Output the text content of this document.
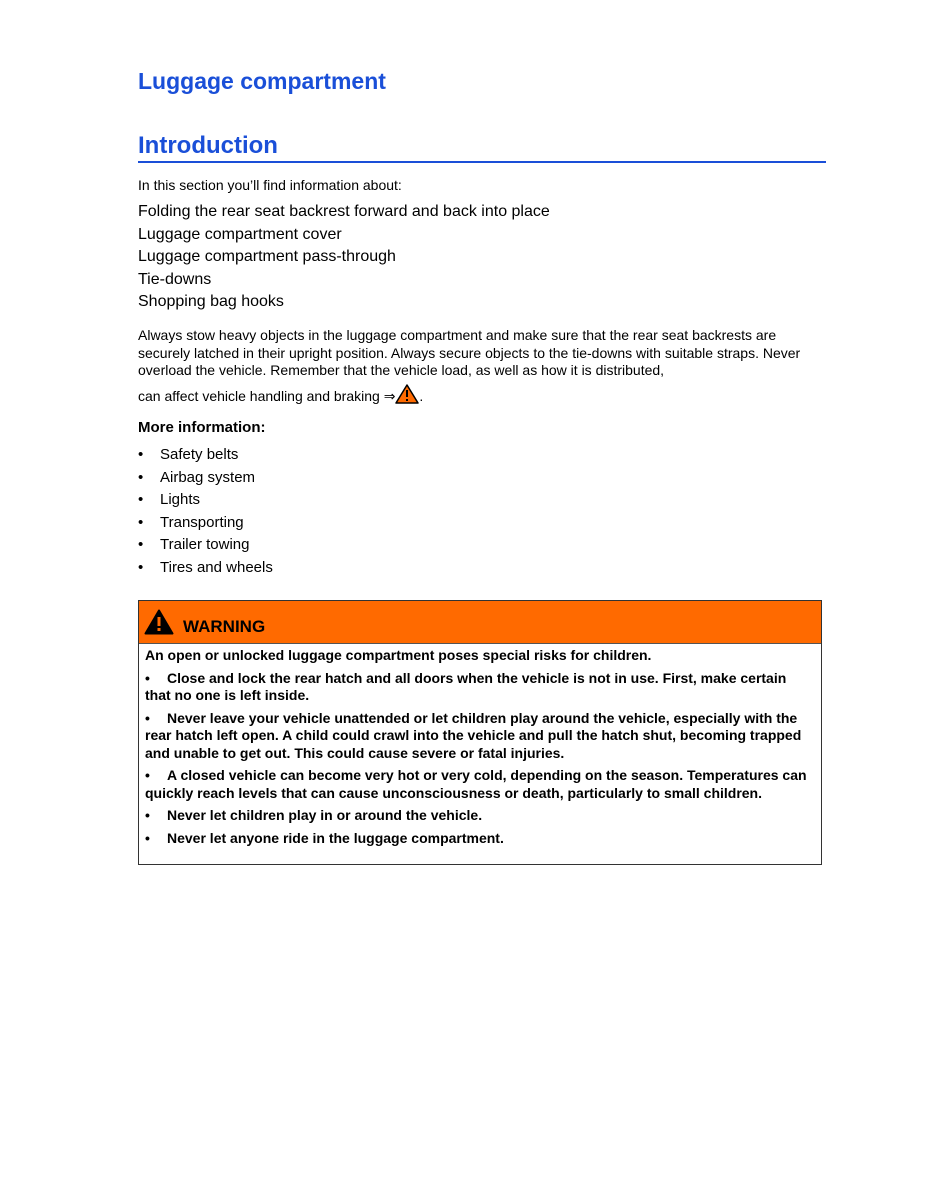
Luggage compartment
Introduction

In this section you’ll find information about:

Folding the rear seat backrest forward and back into place
Luggage compartment cover
Luggage compartment pass-through
Tie-downs
Shopping bag hooks
Always stow heavy objects in the luggage compartment and make sure that the rear seat backrests are securely latched in their upright position. Always secure objects to the tie-downs with suitable straps. Never overload the vehicle. Remember that the vehicle load, as well as how it is distributed,
can affect vehicle handling and braking ⇒ .
More information:
• Safety belts
• Airbag system
• Lights
• Transporting
• Trailer towing
• Tires and wheels
WARNING

An open or unlocked luggage compartment poses special risks for children.

• Close and lock the rear hatch and all doors when the vehicle is not in use. First, make certain that no one is left inside.

• Never leave your vehicle unattended or let children play around the vehicle, especially with the rear hatch left open. A child could crawl into the vehicle and pull the hatch shut, becoming trapped and unable to get out. This could cause severe or fatal injuries.

• A closed vehicle can become very hot or very cold, depending on the season. Temperatures can quickly reach levels that can cause unconsciousness or death, particularly to small children.

• Never let children play in or around the vehicle.

• Never let anyone ride in the luggage compartment.
